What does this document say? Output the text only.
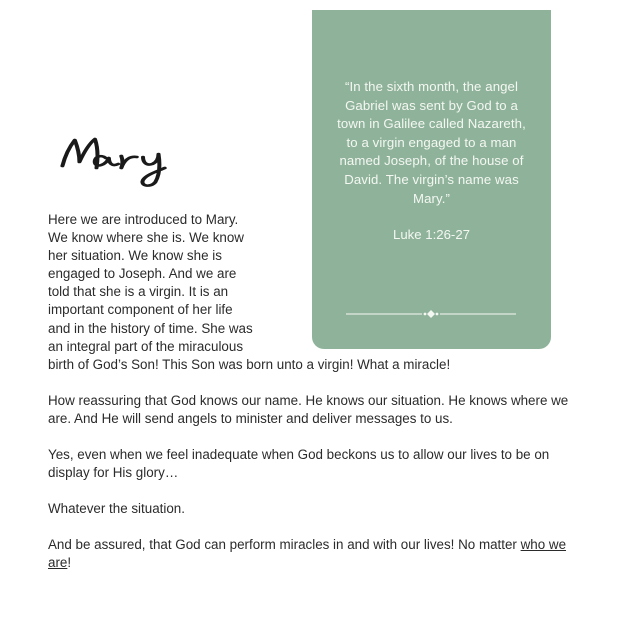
“In the sixth month, the angel Gabriel was sent by God to a town in Galilee called Nazareth, to a virgin engaged to a man named Joseph, of the house of David. The virgin’s name was Mary.”

Luke 1:26-27

Here we are introduced to Mary.
We know where she is. We know
her situation. We know she is
engaged to Joseph. And we are
told that she is a virgin. It is an
important component of her life
and in the history of time. She was
an integral part of the miraculous

birth of God’s Son! This Son was born unto a virgin! What a miracle!

How reassuring that God knows our name. He knows our situation. He knows where we are. And He will send angels to minister and deliver messages to us.

Yes, even when we feel inadequate when God beckons us to allow our lives to be on display for His glory…

Whatever the situation.

And be assured, that God can perform miracles in and with our lives! No matter who we are!
